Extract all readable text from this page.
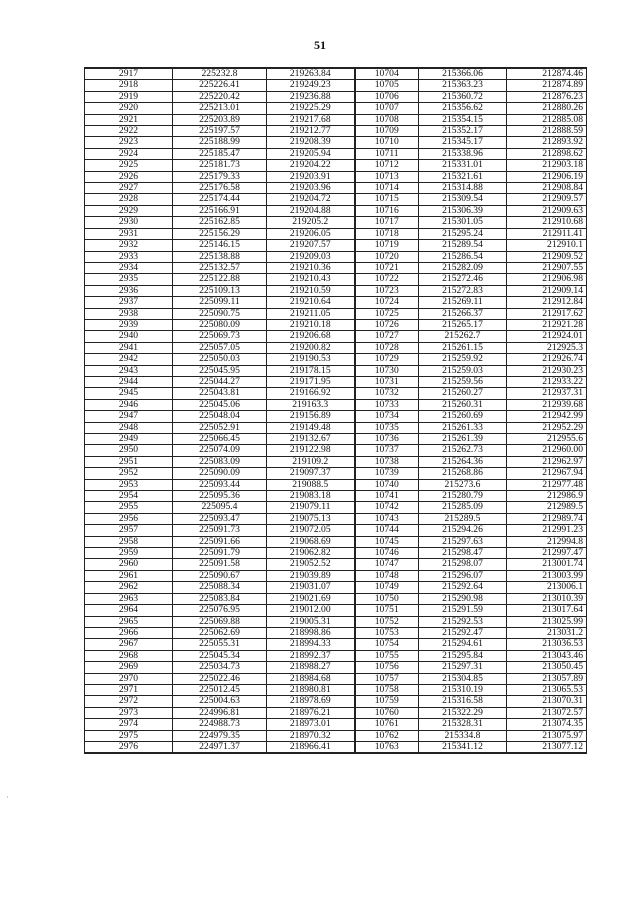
51
2917	225232.8	219263.84	10704	215366.06	212874.46
2918	225226.41	219249.23	10705	215363.23	212874.89
2919	225220.42	219236.88	10706	215360.72	212876.23
2920	225213.01	219225.29	10707	215356.62	212880.26
2921	225203.89	219217.68	10708	215354.15	212885.08
2922	225197.57	219212.77	10709	215352.17	212888.59
2923	225188.99	219208.39	10710	215345.17	212893.92
2924	225185.47	219205.94	10711	215338.96	212898.62
2925	225181.73	219204.22	10712	215331.01	212903.18
2926	225179.33	219203.91	10713	215321.61	212906.19
2927	225176.58	219203.96	10714	215314.88	212908.84
2928	225174.44	219204.72	10715	215309.54	212909.57
2929	225166.91	219204.88	10716	215306.39	212909.63
2930	225162.85	219205.2	10717	215301.05	212910.68
2931	225156.29	219206.05	10718	215295.24	212911.41
2932	225146.15	219207.57	10719	215289.54	212910.1
2933	225138.88	219209.03	10720	215286.54	212909.52
2934	225132.57	219210.36	10721	215282.09	212907.55
2935	225122.88	219210.43	10722	215272.46	212906.98
2936	225109.13	219210.59	10723	215272.83	212909.14
2937	225099.11	219210.64	10724	215269.11	212912.84
2938	225090.75	219211.05	10725	215266.37	212917.62
2939	225080.09	219210.18	10726	215265.17	212921.28
2940	225069.73	219206.68	10727	215262.7	212924.01
2941	225057.05	219200.82	10728	215261.15	212925.3
2942	225050.03	219190.53	10729	215259.92	212926.74
2943	225045.95	219178.15	10730	215259.03	212930.23
2944	225044.27	219171.95	10731	215259.56	212933.22
2945	225043.81	219166.92	10732	215260.27	212937.31
2946	225045.06	219163.3	10733	215260.31	212939.68
2947	225048.04	219156.89	10734	215260.69	212942.99
2948	225052.91	219149.48	10735	215261.33	212952.29
2949	225066.45	219132.67	10736	215261.39	212955.6
2950	225074.09	219122.98	10737	215262.73	212960.00
2951	225083.09	219109.2	10738	215264.36	212962.97
2952	225090.09	219097.37	10739	215268.86	212967.94
2953	225093.44	219088.5	10740	215273.6	212977.48
2954	225095.36	219083.18	10741	215280.79	212986.9
2955	225095.4	219079.11	10742	215285.09	212989.5
2956	225093.47	219075.13	10743	215289.5	212989.74
2957	225091.73	219072.05	10744	215294.26	212991.23
2958	225091.66	219068.69	10745	215297.63	212994.8
2959	225091.79	219062.82	10746	215298.47	212997.47
2960	225091.58	219052.52	10747	215298.07	213001.74
2961	225090.67	219039.89	10748	215296.07	213003.99
2962	225088.34	219031.07	10749	215292.64	213006.1
2963	225083.84	219021.69	10750	215290.98	213010.39
2964	225076.95	219012.00	10751	215291.59	213017.64
2965	225069.88	219005.31	10752	215292.53	213025.99
2966	225062.69	218998.86	10753	215292.47	213031.2
2967	225055.31	218994.33	10754	215294.61	213036.53
2968	225045.34	218992.37	10755	215295.84	213043.46
2969	225034.73	218988.27	10756	215297.31	213050.45
2970	225022.46	218984.68	10757	215304.85	213057.89
2971	225012.45	218980.81	10758	215310.19	213065.53
2972	225004.63	218978.69	10759	215316.58	213070.31
2973	224996.81	218976.21	10760	215322.29	213072.57
2974	224988.73	218973.01	10761	215328.31	213074.35
2975	224979.35	218970.32	10762	215334.8	213075.97
2976	224971.37	218966.41	10763	215341.12	213077.12
·
